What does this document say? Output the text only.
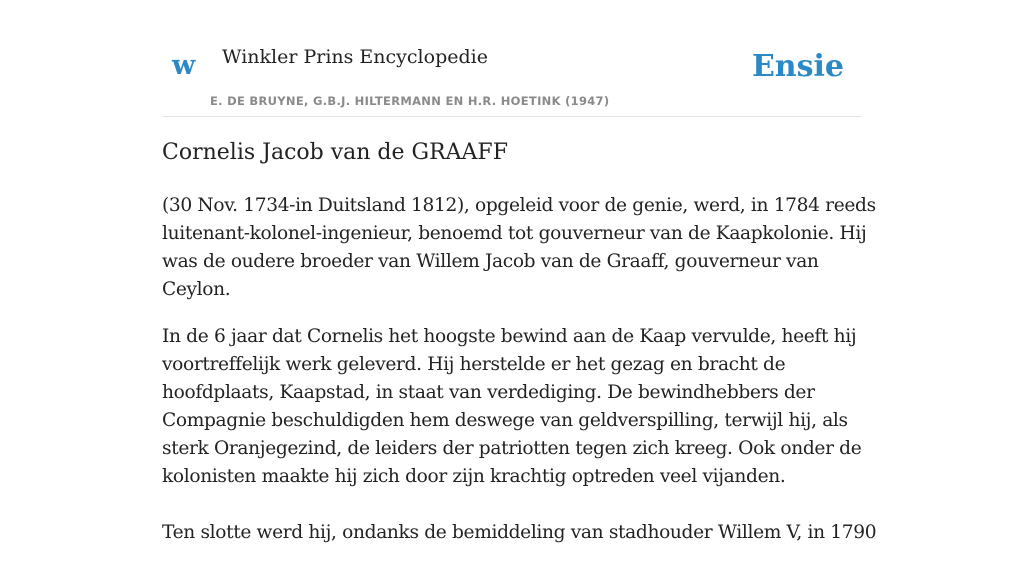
w Winkler Prins Encyclopedie
E. DE BRUYNE, G.B.J. HILTERMANN EN H.R. HOETINK (1947)
Ensie
Cornelis Jacob van de GRAAFF

(30 Nov. 1734-in Duitsland 1812), opgeleid voor de genie, werd, in 1784 reeds luitenant-kolonel-ingenieur, benoemd tot gouverneur van de Kaapkolonie. Hij was de oudere broeder van Willem Jacob van de Graaff, gouverneur van Ceylon.

In de 6 jaar dat Cornelis het hoogste bewind aan de Kaap vervulde, heeft hij voortreffelijk werk geleverd. Hij herstelde er het gezag en bracht de hoofdplaats, Kaapstad, in staat van verdediging. De bewindhebbers der Compagnie beschuldigden hem deswege van geldverspilling, terwijl hij, als sterk Oranjegezind, de leiders der patriotten tegen zich kreeg. Ook onder de kolonisten maakte hij zich door zijn krachtig optreden veel vijanden.

Ten slotte werd hij, ondanks de bemiddeling van stadhouder Willem V, in 1790
